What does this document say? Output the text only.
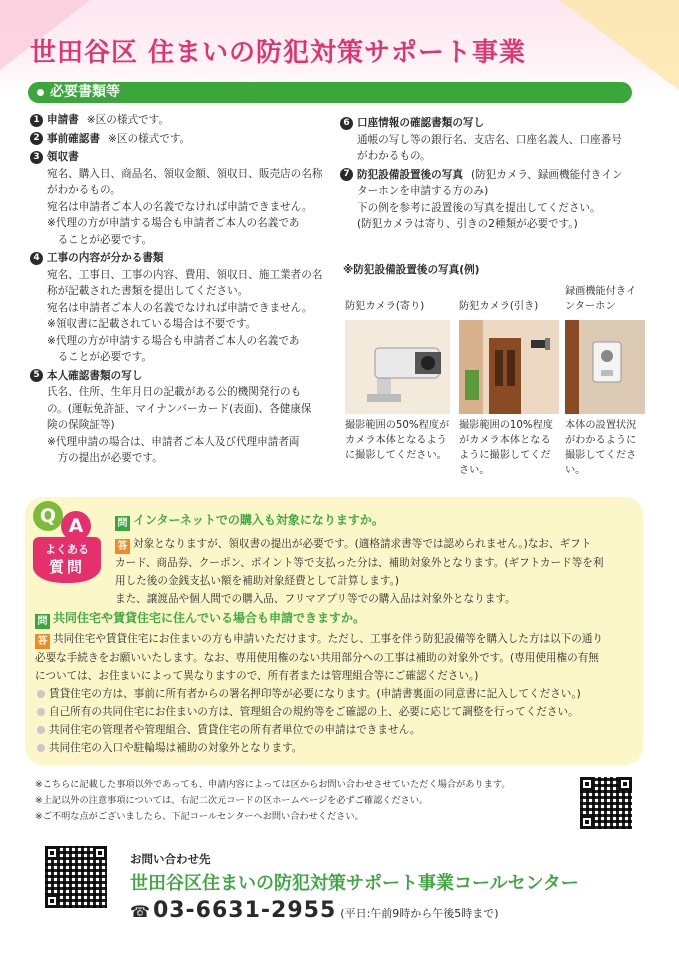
世田谷区 住まいの防犯対策サポート事業
必要書類等
1 申請書 ※区の様式です。
2 事前確認書 ※区の様式です。
3 領収書
宛名、購入日、商品名、領収金額、領収日、販売店の名称
がわかるもの。
宛名は申請者ご本人の名義でなければ申請できません。
※代理の方が申請する場合も申請者ご本人の名義であ
　ることが必要です。
4 工事の内容が分かる書類
宛名、工事日、工事の内容、費用、領収日、施工業者の名
称が記載された書類を提出してください。
宛名は申請者ご本人の名義でなければ申請できません。
※領収書に記載されている場合は不要です。
※代理の方が申請する場合も申請者ご本人の名義であ
　ることが必要です。
5 本人確認書類の写し
氏名、住所、生年月日の記載がある公的機関発行のも
の。(運転免許証、マイナンバーカード(表面)、各健康保
険の保険証等)
※代理申請の場合は、申請者ご本人及び代理申請者両
　方の提出が必要です。
6 口座情報の確認書類の写し
通帳の写し等の銀行名、支店名、口座名義人、口座番号
がわかるもの。
7 防犯設備設置後の写真 (防犯カメラ、録画機能付きイン
ターホンを申請する方のみ)
下の例を参考に設置後の写真を提出してください。
(防犯カメラは寄り、引きの2種類が必要です。)
※防犯設備設置後の写真(例)
防犯カメラ(寄り)
撮影範囲の50%程度がカメラ本体となるように撮影してください。
防犯カメラ(引き)
撮影範囲の10%程度がカメラ本体となるように撮影してください。
録画機能付きインターホン
本体の設置状況がわかるように撮影してください。
Q A
よくある
質問
問 インターネットでの購入も対象になりますか。
答 対象となりますが、領収書の提出が必要です。(適格請求書等では認められません。)なお、ギフト
カード、商品券、クーポン、ポイント等で支払った分は、補助対象外となります。(ギフトカード等を利
用した後の金銭支払い額を補助対象経費として計算します。)
また、譲渡品や個人間での購入品、フリマアプリ等での購入品は対象外となります。
問 共同住宅や賃貸住宅に住んでいる場合も申請できますか。
答 共同住宅や賃貸住宅にお住まいの方も申請いただけます。ただし、工事を伴う防犯設備等を購入した方は以下の通り
必要な手続きをお願いいたします。なお、専用使用権のない共用部分への工事は補助の対象外です。(専用使用権の有無
については、お住まいによって異なりますので、所有者または管理組合等にご確認ください。)
賃貸住宅の方は、事前に所有者からの署名押印等が必要になります。(申請書裏面の同意書に記入してください。)
自己所有の共同住宅にお住まいの方は、管理組合の規約等をご確認の上、必要に応じて調整を行ってください。
共同住宅の管理者や管理組合、賃貸住宅の所有者単位での申請はできません。
共同住宅の入口や駐輪場は補助の対象外となります。
※こちらに記載した事項以外であっても、申請内容によっては区からお問い合わせさせていただく場合があります。
※上記以外の注意事項については、右記二次元コードの区ホームページを必ずご確認ください。
※ご不明な点がございましたら、下記コールセンターへお問い合わせください。
お問い合わせ先
世田谷区住まいの防犯対策サポート事業コールセンター
☎03-6631-2955 (平日:午前9時から午後5時まで)
